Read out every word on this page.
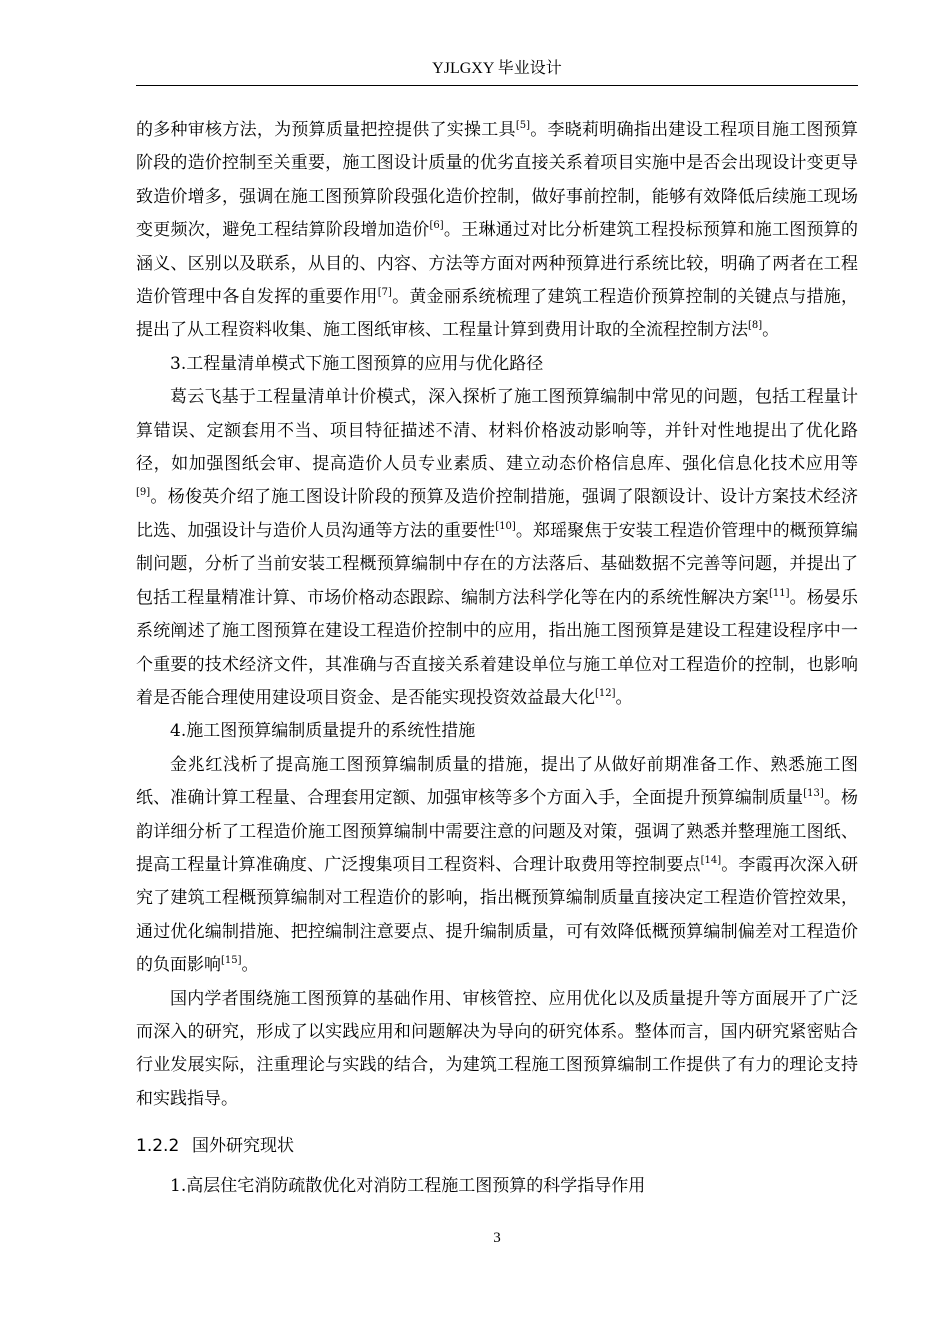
YJLGXY 毕业设计

的多种审核方法，为预算质量把控提供了实操工具[5]。李晓莉明确指出建设工程项目施工图预算阶段的造价控制至关重要，施工图设计质量的优劣直接关系着项目实施中是否会出现设计变更导致造价增多，强调在施工图预算阶段强化造价控制，做好事前控制，能够有效降低后续施工现场变更频次，避免工程结算阶段增加造价[6]。王琳通过对比分析建筑工程投标预算和施工图预算的涵义、区别以及联系，从目的、内容、方法等方面对两种预算进行系统比较，明确了两者在工程造价管理中各自发挥的重要作用[7]。黄金丽系统梳理了建筑工程造价预算控制的关键点与措施，提出了从工程资料收集、施工图纸审核、工程量计算到费用计取的全流程控制方法[8]。

3.工程量清单模式下施工图预算的应用与优化路径

葛云飞基于工程量清单计价模式，深入探析了施工图预算编制中常见的问题，包括工程量计算错误、定额套用不当、项目特征描述不清、材料价格波动影响等，并针对性地提出了优化路径，如加强图纸会审、提高造价人员专业素质、建立动态价格信息库、强化信息化技术应用等[9]。杨俊英介绍了施工图设计阶段的预算及造价控制措施，强调了限额设计、设计方案技术经济比选、加强设计与造价人员沟通等方法的重要性[10]。郑瑶聚焦于安装工程造价管理中的概预算编制问题，分析了当前安装工程概预算编制中存在的方法落后、基础数据不完善等问题，并提出了包括工程量精准计算、市场价格动态跟踪、编制方法科学化等在内的系统性解决方案[11]。杨晏乐系统阐述了施工图预算在建设工程造价控制中的应用，指出施工图预算是建设工程建设程序中一个重要的技术经济文件，其准确与否直接关系着建设单位与施工单位对工程造价的控制，也影响着是否能合理使用建设项目资金、是否能实现投资效益最大化[12]。

4.施工图预算编制质量提升的系统性措施

金兆红浅析了提高施工图预算编制质量的措施，提出了从做好前期准备工作、熟悉施工图纸、准确计算工程量、合理套用定额、加强审核等多个方面入手，全面提升预算编制质量[13]。杨韵详细分析了工程造价施工图预算编制中需要注意的问题及对策，强调了熟悉并整理施工图纸、提高工程量计算准确度、广泛搜集项目工程资料、合理计取费用等控制要点[14]。李霞再次深入研究了建筑工程概预算编制对工程造价的影响，指出概预算编制质量直接决定工程造价管控效果，通过优化编制措施、把控编制注意要点、提升编制质量，可有效降低概预算编制偏差对工程造价的负面影响[15]。

国内学者围绕施工图预算的基础作用、审核管控、应用优化以及质量提升等方面展开了广泛而深入的研究，形成了以实践应用和问题解决为导向的研究体系。整体而言，国内研究紧密贴合行业发展实际，注重理论与实践的结合，为建筑工程施工图预算编制工作提供了有力的理论支持和实践指导。

1.2.2 国外研究现状

1.高层住宅消防疏散优化对消防工程施工图预算的科学指导作用

3
